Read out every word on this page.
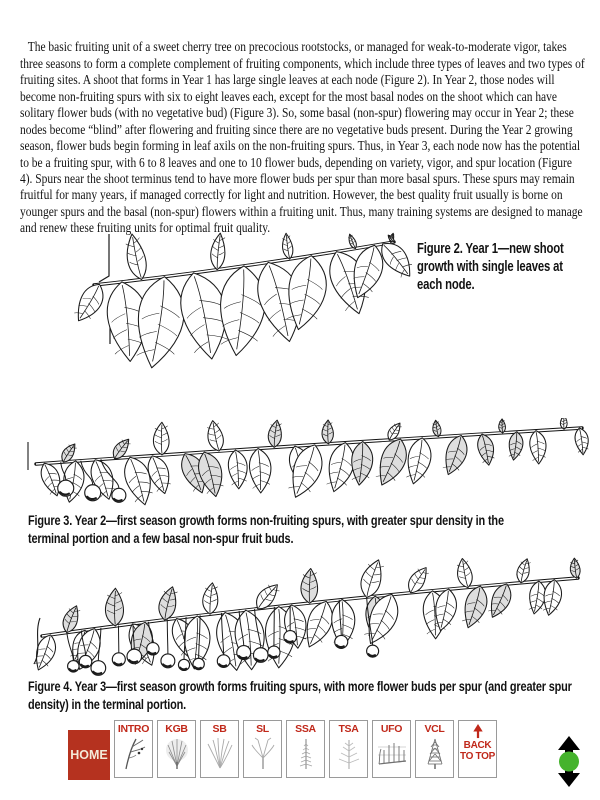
The basic fruiting unit of a sweet cherry tree on precocious rootstocks, or managed for weak-to-moderate vigor, takes three seasons to form a complete complement of fruiting components, which include three types of leaves and two types of fruiting sites. A shoot that forms in Year 1 has large single leaves at each node (Figure 2). In Year 2, those nodes will become non-fruiting spurs with six to eight leaves each, except for the most basal nodes on the shoot which can have solitary flower buds (with no vegetative bud) (Figure 3). So, some basal (non-spur) flowering may occur in Year 2; these nodes become “blind” after flowering and fruiting since there are no vegetative buds present. During the Year 2 growing season, flower buds begin forming in leaf axils on the non-fruiting spurs. Thus, in Year 3, each node now has the potential to be a fruiting spur, with 6 to 8 leaves and one to 10 flower buds, depending on variety, vigor, and spur location (Figure 4). Spurs near the shoot terminus tend to have more flower buds per spur than more basal spurs. These spurs may remain fruitful for many years, if managed correctly for light and nutrition. However, the best quality fruit usually is borne on younger spurs and the basal (non-spur) flowers within a fruiting unit. Thus, many training systems are designed to manage and renew these fruiting units for optimal fruit quality.

Figure 2. Year 1—new shoot growth with single leaves at each node.
Figure 3. Year 2—first season growth forms non-fruiting spurs, with greater spur density in the terminal portion and a few basal non-spur fruit buds.
Figure 4. Year 3—first season growth forms fruiting spurs, with more flower buds per spur (and greater spur density) in the terminal portion.
HOME
INTRO	KGB	SB	SL	SSA	TSA	UFO	VCL
BACK TO TOP
